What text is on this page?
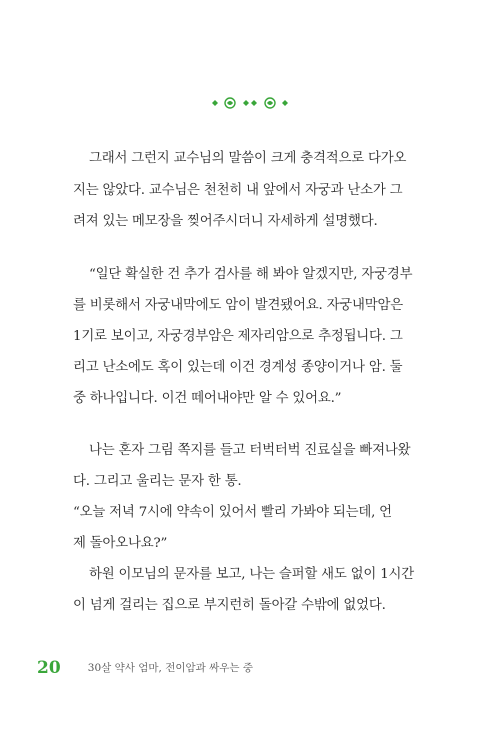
그래서 그런지 교수님의 말씀이 크게 충격적으로 다가오
지는 않았다. 교수님은 천천히 내 앞에서 자궁과 난소가 그
려져 있는 메모장을 찢어주시더니 자세하게 설명했다.
“일단 확실한 건 추가 검사를 해 봐야 알겠지만, 자궁경부
를 비롯해서 자궁내막에도 암이 발견됐어요. 자궁내막암은
1기로 보이고, 자궁경부암은 제자리암으로 추정됩니다. 그
리고 난소에도 혹이 있는데 이건 경계성 종양이거나 암. 둘
중 하나입니다. 이건 떼어내야만 알 수 있어요.”
나는 혼자 그림 쪽지를 들고 터벅터벅 진료실을 빠져나왔
다. 그리고 울리는 문자 한 통.
“오늘 저녁 7시에 약속이 있어서 빨리 가봐야 되는데, 언
제 돌아오나요?”
하원 이모님의 문자를 보고, 나는 슬퍼할 새도 없이 1시간
이 넘게 걸리는 집으로 부지런히 돌아갈 수밖에 없었다.
20	30살 약사 엄마, 전이암과 싸우는 중
